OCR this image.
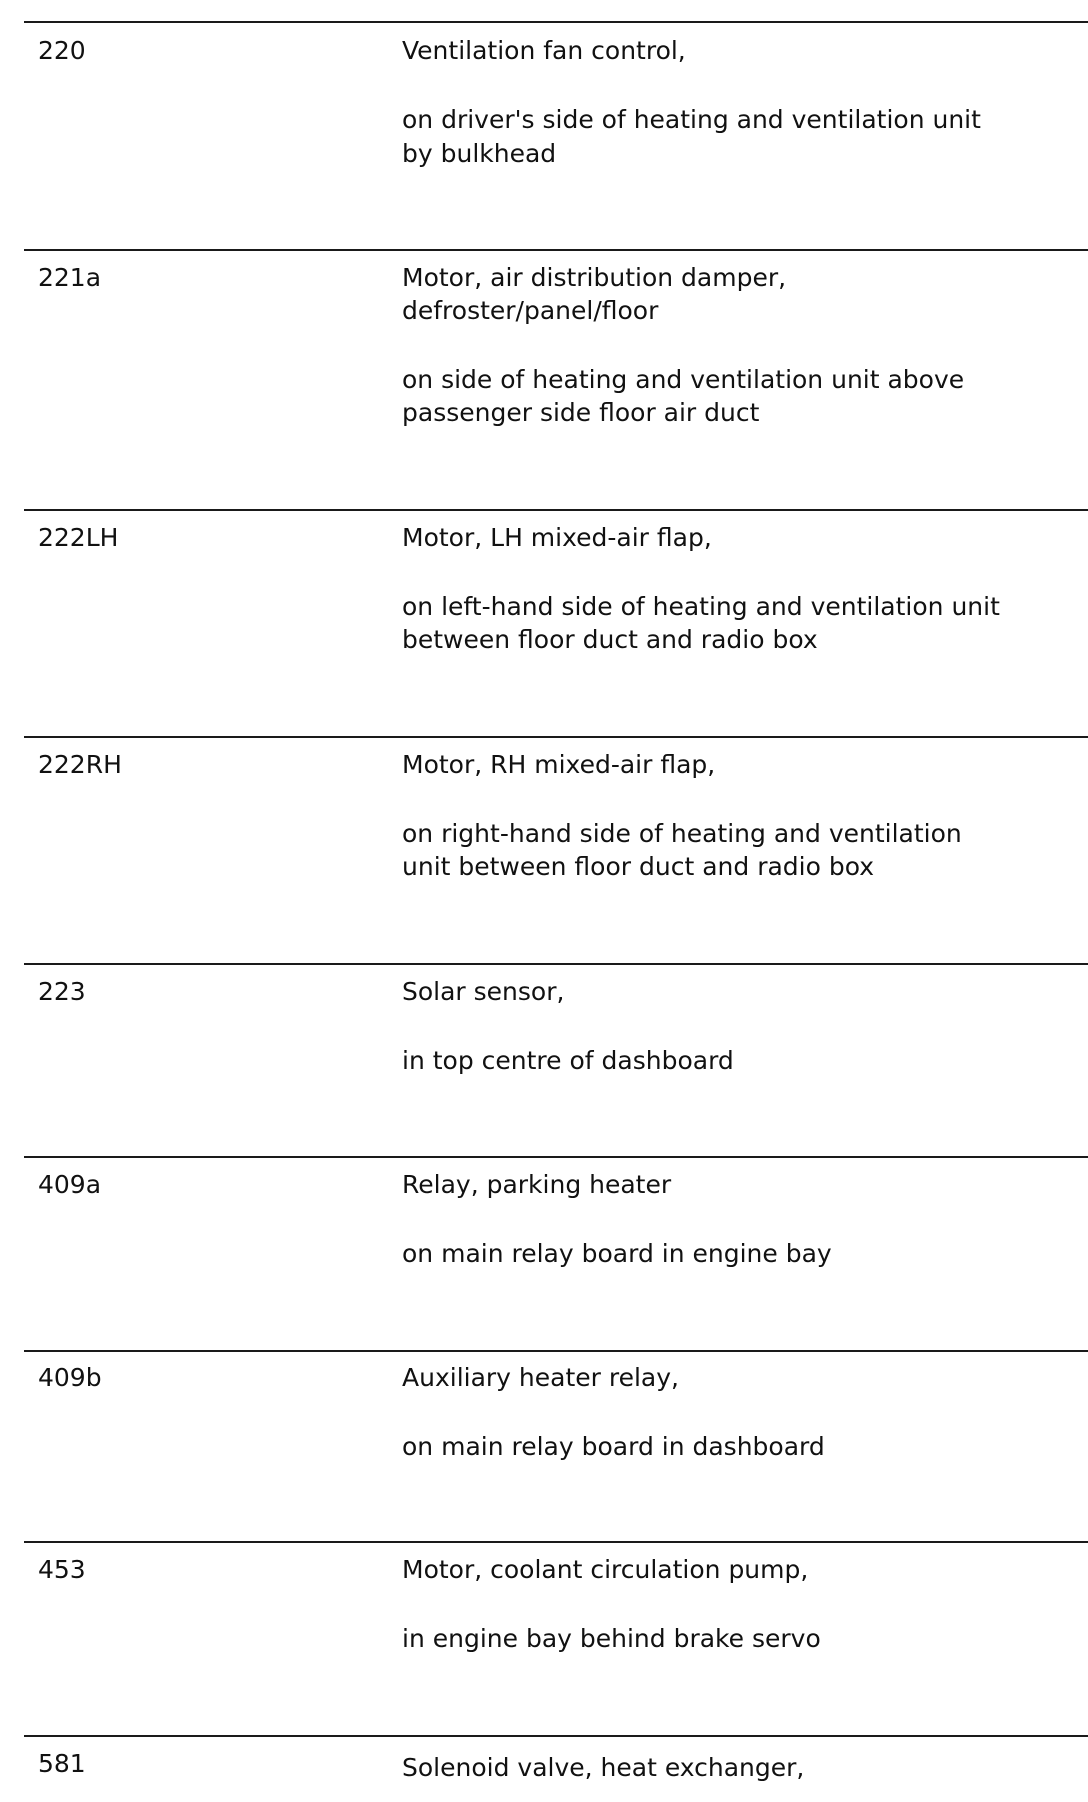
220	Ventilation fan control,
on driver's side of heating and ventilation unit
by bulkhead
221a	Motor, air distribution damper,
defroster/panel/floor
on side of heating and ventilation unit above
passenger side floor air duct
222LH	Motor, LH mixed-air flap,
on left-hand side of heating and ventilation unit
between floor duct and radio box
222RH	Motor, RH mixed-air flap,
on right-hand side of heating and ventilation
unit between floor duct and radio box
223	Solar sensor,
in top centre of dashboard
409a	Relay, parking heater
on main relay board in engine bay
409b	Auxiliary heater relay,
on main relay board in dashboard
453	Motor, coolant circulation pump,
in engine bay behind brake servo
581	Solenoid valve, heat exchanger,
